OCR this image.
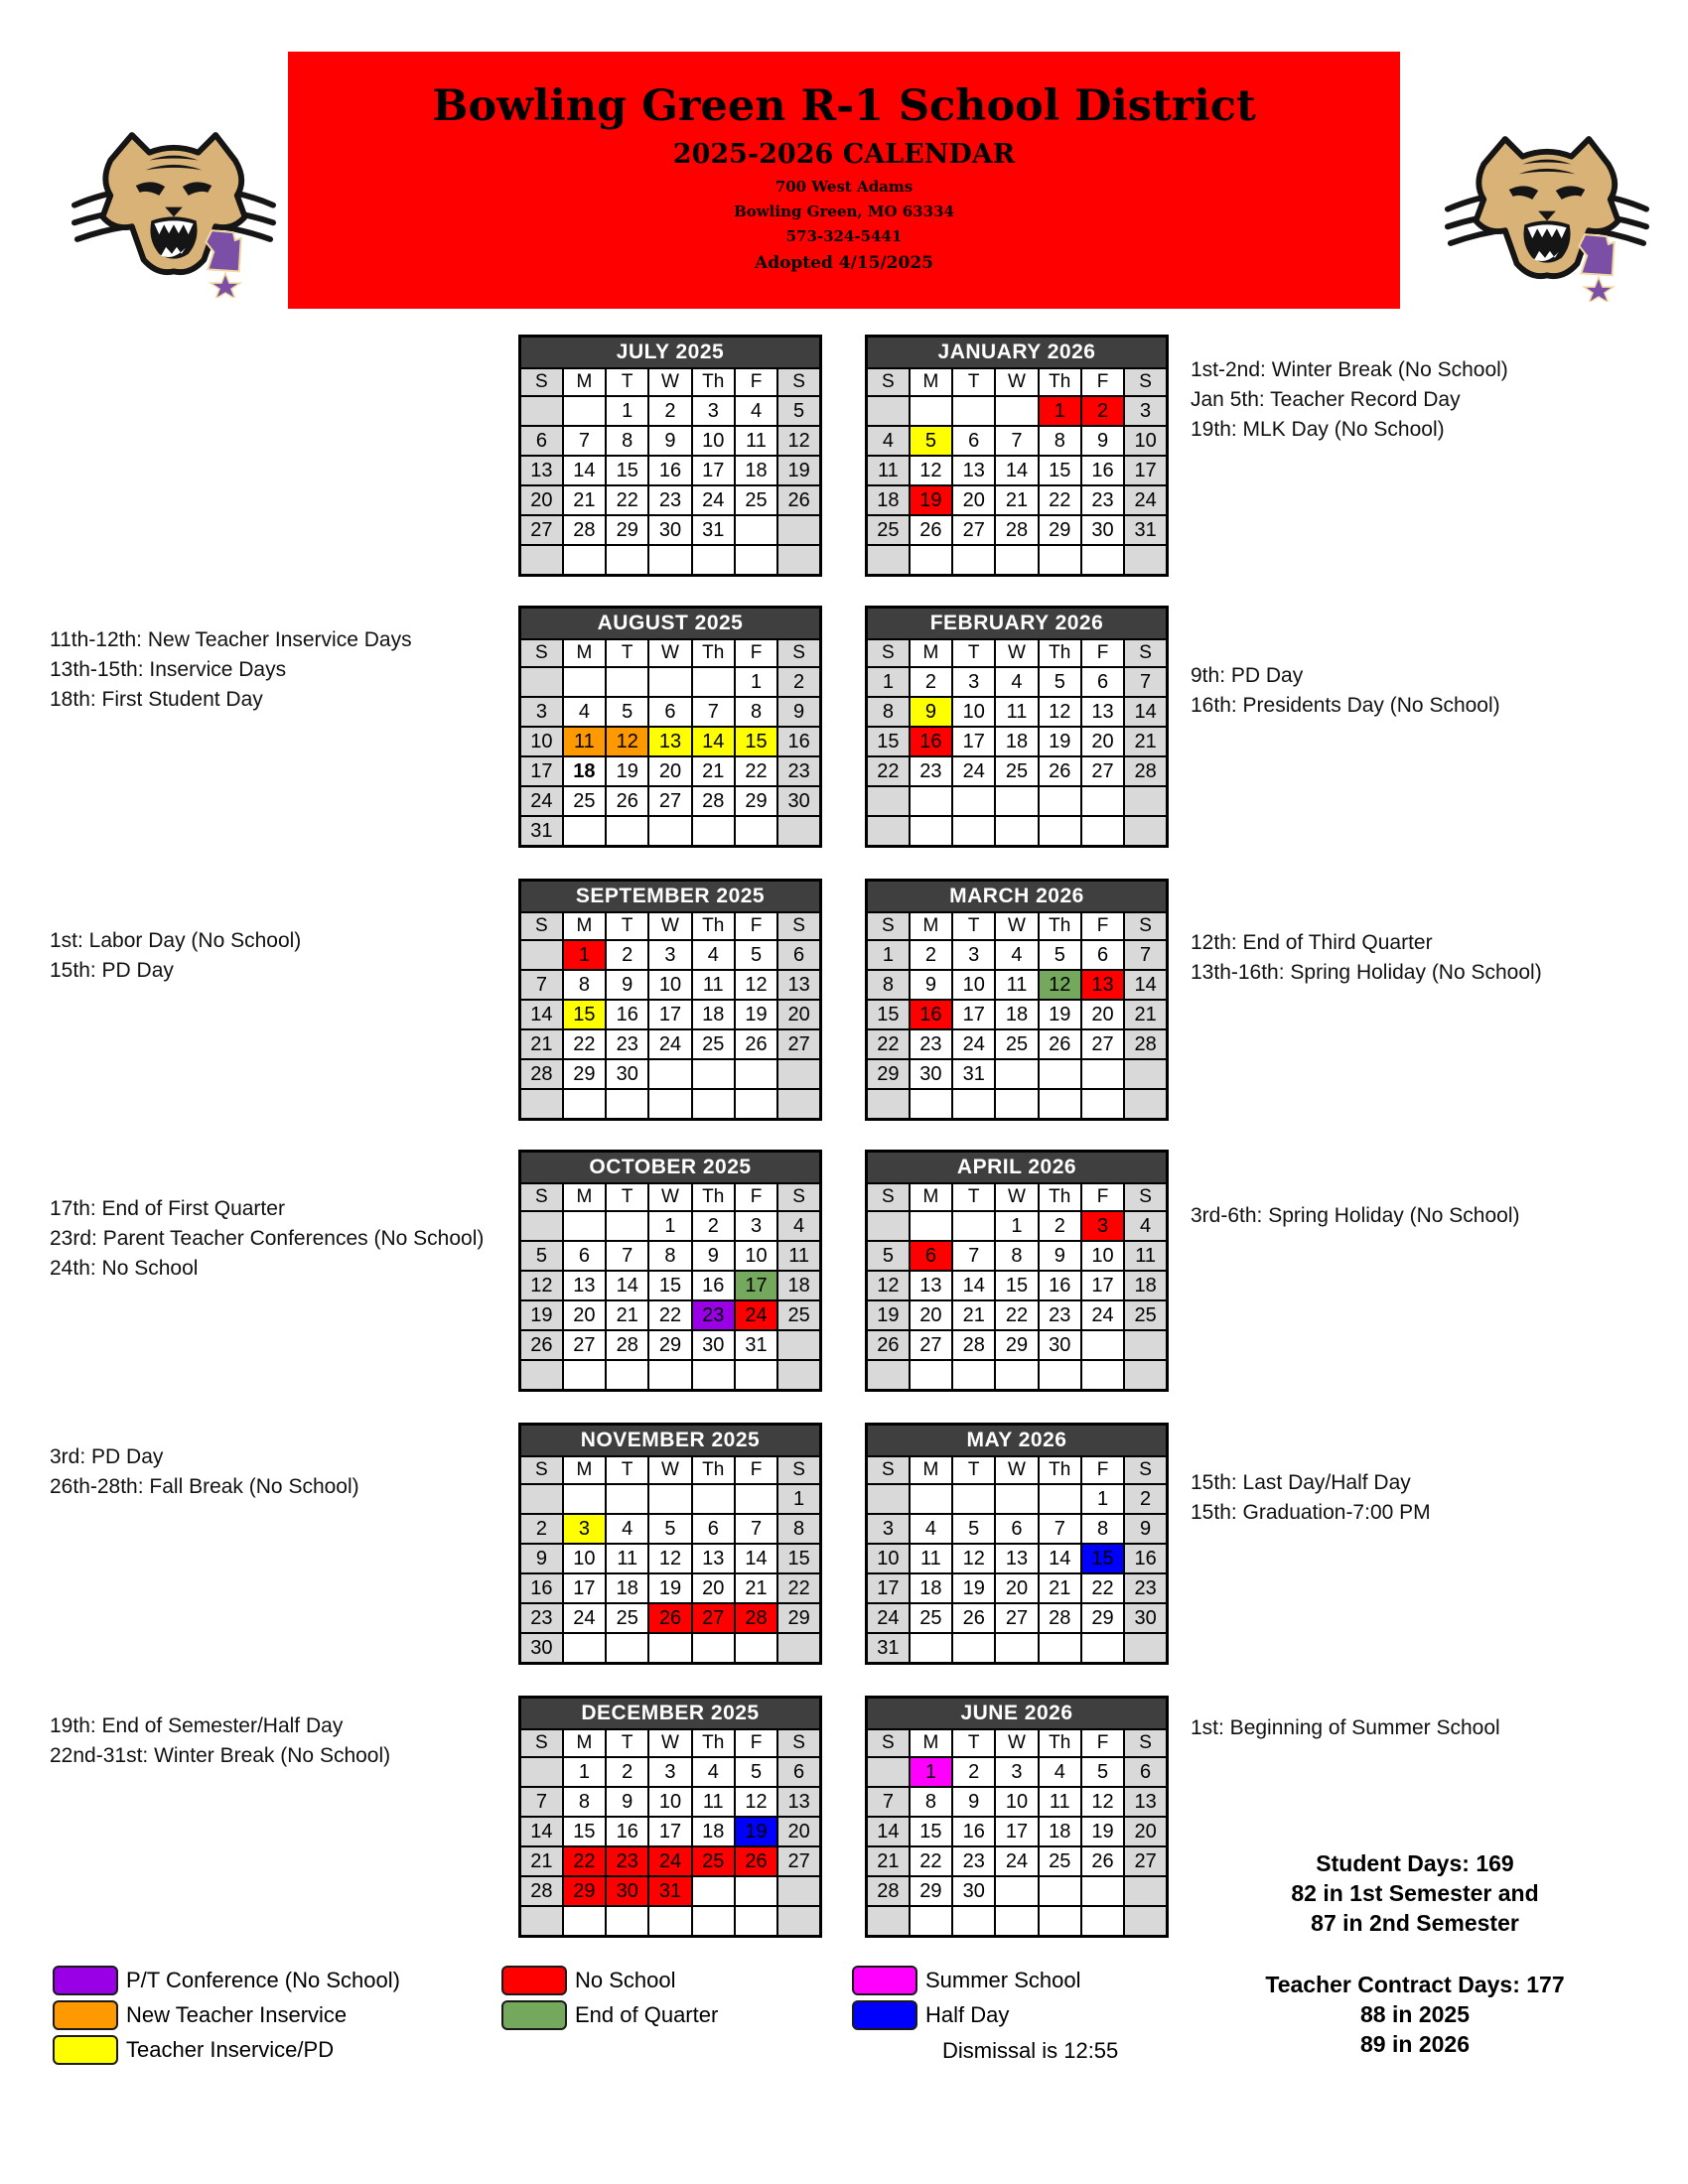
Bowling Green R-1 School District
2025-2026 CALENDAR
700 West Adams
Bowling Green, MO 63334
573-324-5441
Adopted 4/15/2025
JULY 2025						
S	M	T	W	Th	F	S
		1	2	3	4	5
6	7	8	9	10	11	12
13	14	15	16	17	18	19
20	21	22	23	24	25	26
27	28	29	30	31		

AUGUST 2025						
S	M	T	W	Th	F	S
					1	2
3	4	5	6	7	8	9
10	11	12	13	14	15	16
17	18	19	20	21	22	23
24	25	26	27	28	29	30
31						
11th-12th: New Teacher Inservice Days
13th-15th: Inservice Days
18th: First Student Day
SEPTEMBER 2025						
S	M	T	W	Th	F	S
	1	2	3	4	5	6
7	8	9	10	11	12	13
14	15	16	17	18	19	20
21	22	23	24	25	26	27
28	29	30				

1st: Labor Day (No School)
15th: PD Day
OCTOBER 2025						
S	M	T	W	Th	F	S
			1	2	3	4
5	6	7	8	9	10	11
12	13	14	15	16	17	18
19	20	21	22	23	24	25
26	27	28	29	30	31	

17th: End of First Quarter
23rd: Parent Teacher Conferences (No School)
24th: No School
NOVEMBER 2025						
S	M	T	W	Th	F	S
						1
2	3	4	5	6	7	8
9	10	11	12	13	14	15
16	17	18	19	20	21	22
23	24	25	26	27	28	29
30						
3rd: PD Day
26th-28th: Fall Break (No School)
DECEMBER 2025						
S	M	T	W	Th	F	S
	1	2	3	4	5	6
7	8	9	10	11	12	13
14	15	16	17	18	19	20
21	22	23	24	25	26	27
28	29	30	31			

19th: End of Semester/Half Day
22nd-31st: Winter Break (No School)
JANUARY 2026						
S	M	T	W	Th	F	S
				1	2	3
4	5	6	7	8	9	10
11	12	13	14	15	16	17
18	19	20	21	22	23	24
25	26	27	28	29	30	31

1st-2nd: Winter Break (No School)
Jan 5th: Teacher Record Day
19th: MLK Day (No School)
FEBRUARY 2026						
S	M	T	W	Th	F	S
1	2	3	4	5	6	7
8	9	10	11	12	13	14
15	16	17	18	19	20	21
22	23	24	25	26	27	28

9th: PD Day
16th: Presidents Day (No School)
MARCH 2026						
S	M	T	W	Th	F	S
1	2	3	4	5	6	7
8	9	10	11	12	13	14
15	16	17	18	19	20	21
22	23	24	25	26	27	28
29	30	31				

12th: End of Third Quarter
13th-16th: Spring Holiday (No School)
APRIL 2026						
S	M	T	W	Th	F	S
			1	2	3	4
5	6	7	8	9	10	11
12	13	14	15	16	17	18
19	20	21	22	23	24	25
26	27	28	29	30		

3rd-6th: Spring Holiday (No School)
MAY 2026						
S	M	T	W	Th	F	S
					1	2
3	4	5	6	7	8	9
10	11	12	13	14	15	16
17	18	19	20	21	22	23
24	25	26	27	28	29	30
31						
15th: Last Day/Half Day
15th: Graduation-7:00 PM
JUNE 2026						
S	M	T	W	Th	F	S
	1	2	3	4	5	6
7	8	9	10	11	12	13
14	15	16	17	18	19	20
21	22	23	24	25	26	27
28	29	30				

1st: Beginning of Summer School
P/T Conference (No School)
New Teacher Inservice
Teacher Inservice/PD
No School
End of Quarter
Summer School
Half Day
Dismissal is 12:55
Student Days: 169
82 in 1st Semester and
87 in 2nd Semester
Teacher Contract Days: 177
88 in 2025
89 in 2026
